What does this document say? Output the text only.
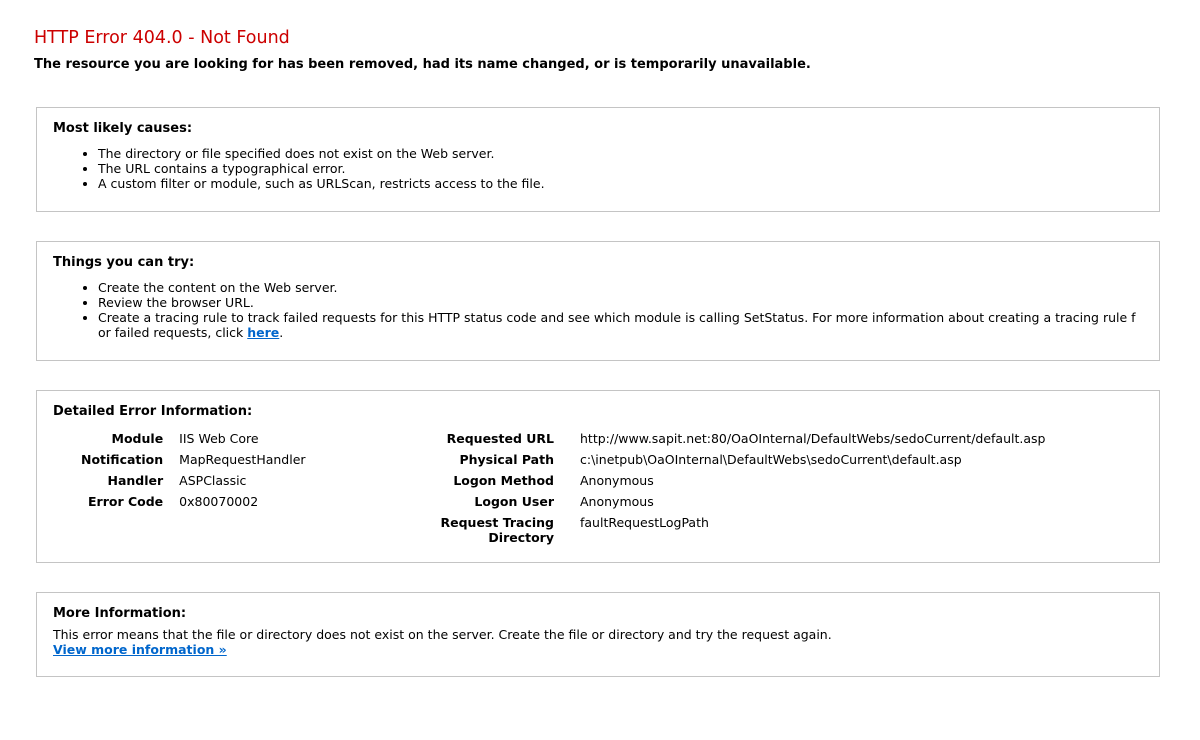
HTTP Error 404.0 - Not Found
The resource you are looking for has been removed, had its name changed, or is temporarily unavailable.
Most likely causes:
• The directory or file specified does not exist on the Web server.
• The URL contains a typographical error.
• A custom filter or module, such as URLScan, restricts access to the file.
Things you can try:
• Create the content on the Web server.
• Review the browser URL.
• Create a tracing rule to track failed requests for this HTTP status code and see which module is calling SetStatus. For more information about creating a tracing rule for failed requests, click here.
Detailed Error Information:
Module	IIS Web Core
Notification	MapRequestHandler
Handler	ASPClassic
Error Code	0x80070002
Requested URL	http://www.sapit.net:80/OaOInternal/DefaultWebs/sedoCurrent/default.asp
Physical Path	c:\inetpub\OaOInternal\DefaultWebs\sedoCurrent\default.asp
Logon Method	Anonymous
Logon User	Anonymous
Request Tracing Directory	faultRequestLogPath
More Information:

This error means that the file or directory does not exist on the server. Create the file or directory and try the request again.

View more information »
